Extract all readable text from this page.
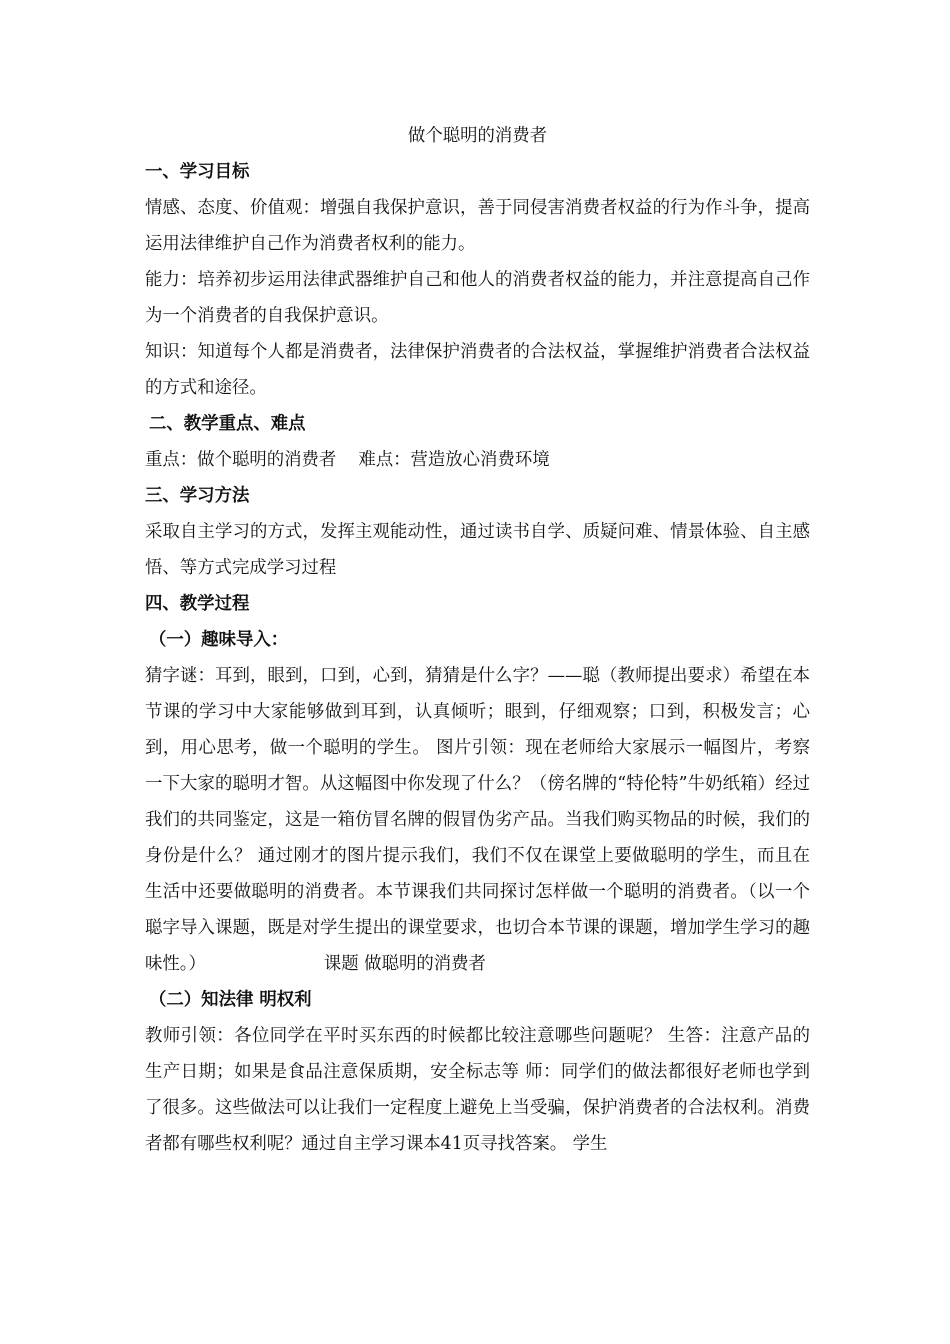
做个聪明的消费者
一、学习目标

情感、态度、价值观：增强自我保护意识，善于同侵害消费者权益的行为作斗争，提高运用法律维护自己作为消费者权利的能力。

能力：培养初步运用法律武器维护自己和他人的消费者权益的能力，并注意提高自己作为一个消费者的自我保护意识。

知识：知道每个人都是消费者，法律保护消费者的合法权益，掌握维护消费者合法权益的方式和途径。

二、教学重点、难点

重点：做个聪明的消费者 难点：营造放心消费环境

三、学习方法

采取自主学习的方式，发挥主观能动性，通过读书自学、质疑问难、情景体验、自主感悟、等方式完成学习过程

四、教学过程
（一）趣味导入：

猜字谜：耳到，眼到，口到，心到，猜猜是什么字？——聪（教师提出要求）希望在本节课的学习中大家能够做到耳到，认真倾听；眼到，仔细观察；口到，积极发言；心到，用心思考，做一个聪明的学生。 图片引领：现在老师给大家展示一幅图片，考察一下大家的聪明才智。从这幅图中你发现了什么？（傍名牌的“特伦特”牛奶纸箱）经过我们的共同鉴定，这是一箱仿冒名牌的假冒伪劣产品。当我们购买物品的时候，我们的身份是什么？ 通过刚才的图片提示我们，我们不仅在课堂上要做聪明的学生，而且在生活中还要做聪明的消费者。本节课我们共同探讨怎样做一个聪明的消费者。（以一个聪字导入课题，既是对学生提出的课堂要求，也切合本节课的课题，增加学生学习的趣味性。）	课题 做聪明的消费者

（二）知法律 明权利

教师引领：各位同学在平时买东西的时候都比较注意哪些问题呢？ 生答：注意产品的生产日期；如果是食品注意保质期，安全标志等 师：同学们的做法都很好老师也学到了很多。这些做法可以让我们一定程度上避免上当受骗，保护消费者的合法权利。消费者都有哪些权利呢？通过自主学习课本41页寻找答案。 学生
